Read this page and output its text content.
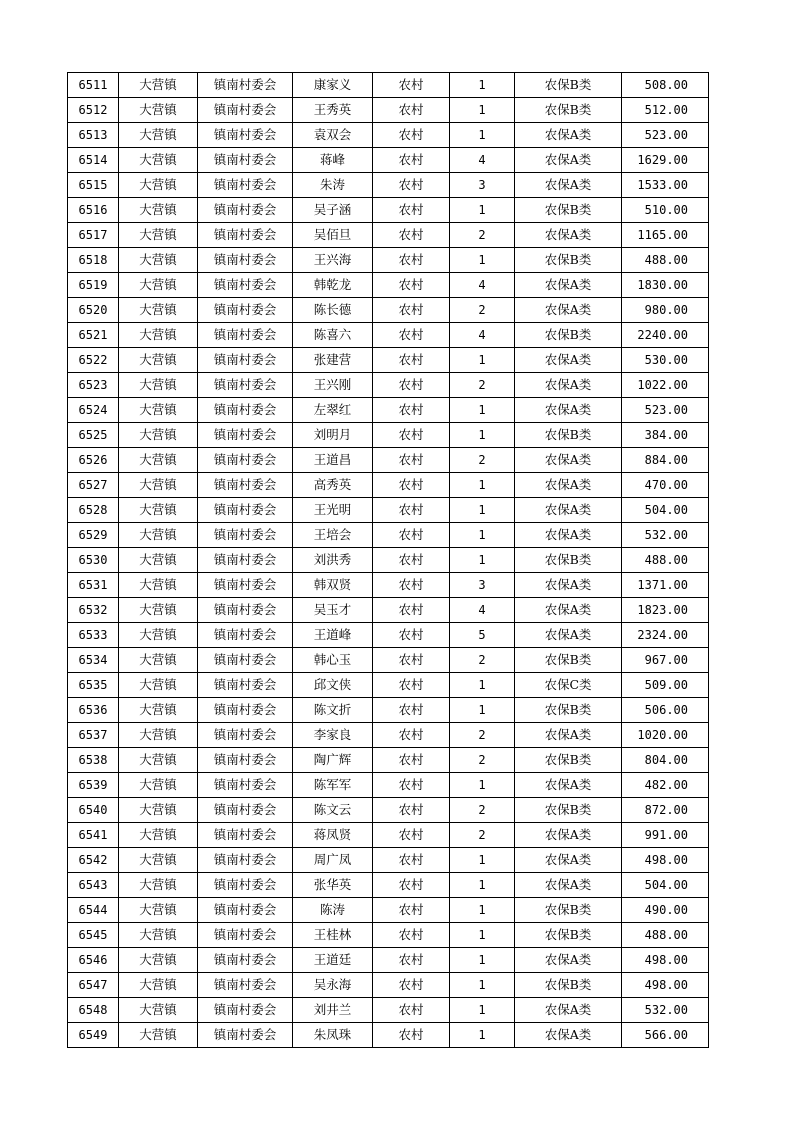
6511	大营镇	镇南村委会	康家义	农村	1	农保B类	508.00
6512	大营镇	镇南村委会	王秀英	农村	1	农保B类	512.00
6513	大营镇	镇南村委会	袁双会	农村	1	农保A类	523.00
6514	大营镇	镇南村委会	蒋峰	农村	4	农保A类	1629.00
6515	大营镇	镇南村委会	朱涛	农村	3	农保A类	1533.00
6516	大营镇	镇南村委会	吴子涵	农村	1	农保B类	510.00
6517	大营镇	镇南村委会	吴佰旦	农村	2	农保A类	1165.00
6518	大营镇	镇南村委会	王兴海	农村	1	农保B类	488.00
6519	大营镇	镇南村委会	韩乾龙	农村	4	农保A类	1830.00
6520	大营镇	镇南村委会	陈长德	农村	2	农保A类	980.00
6521	大营镇	镇南村委会	陈喜六	农村	4	农保B类	2240.00
6522	大营镇	镇南村委会	张建营	农村	1	农保A类	530.00
6523	大营镇	镇南村委会	王兴刚	农村	2	农保A类	1022.00
6524	大营镇	镇南村委会	左翠红	农村	1	农保A类	523.00
6525	大营镇	镇南村委会	刘明月	农村	1	农保B类	384.00
6526	大营镇	镇南村委会	王道昌	农村	2	农保A类	884.00
6527	大营镇	镇南村委会	高秀英	农村	1	农保A类	470.00
6528	大营镇	镇南村委会	王光明	农村	1	农保A类	504.00
6529	大营镇	镇南村委会	王培会	农村	1	农保A类	532.00
6530	大营镇	镇南村委会	刘洪秀	农村	1	农保B类	488.00
6531	大营镇	镇南村委会	韩双贤	农村	3	农保A类	1371.00
6532	大营镇	镇南村委会	吴玉才	农村	4	农保A类	1823.00
6533	大营镇	镇南村委会	王道峰	农村	5	农保A类	2324.00
6534	大营镇	镇南村委会	韩心玉	农村	2	农保B类	967.00
6535	大营镇	镇南村委会	邱文侠	农村	1	农保C类	509.00
6536	大营镇	镇南村委会	陈文折	农村	1	农保B类	506.00
6537	大营镇	镇南村委会	李家良	农村	2	农保A类	1020.00
6538	大营镇	镇南村委会	陶广辉	农村	2	农保B类	804.00
6539	大营镇	镇南村委会	陈军军	农村	1	农保A类	482.00
6540	大营镇	镇南村委会	陈文云	农村	2	农保B类	872.00
6541	大营镇	镇南村委会	蒋凤贤	农村	2	农保A类	991.00
6542	大营镇	镇南村委会	周广凤	农村	1	农保A类	498.00
6543	大营镇	镇南村委会	张华英	农村	1	农保A类	504.00
6544	大营镇	镇南村委会	陈涛	农村	1	农保B类	490.00
6545	大营镇	镇南村委会	王桂林	农村	1	农保B类	488.00
6546	大营镇	镇南村委会	王道廷	农村	1	农保A类	498.00
6547	大营镇	镇南村委会	吴永海	农村	1	农保B类	498.00
6548	大营镇	镇南村委会	刘井兰	农村	1	农保A类	532.00
6549	大营镇	镇南村委会	朱凤珠	农村	1	农保A类	566.00
